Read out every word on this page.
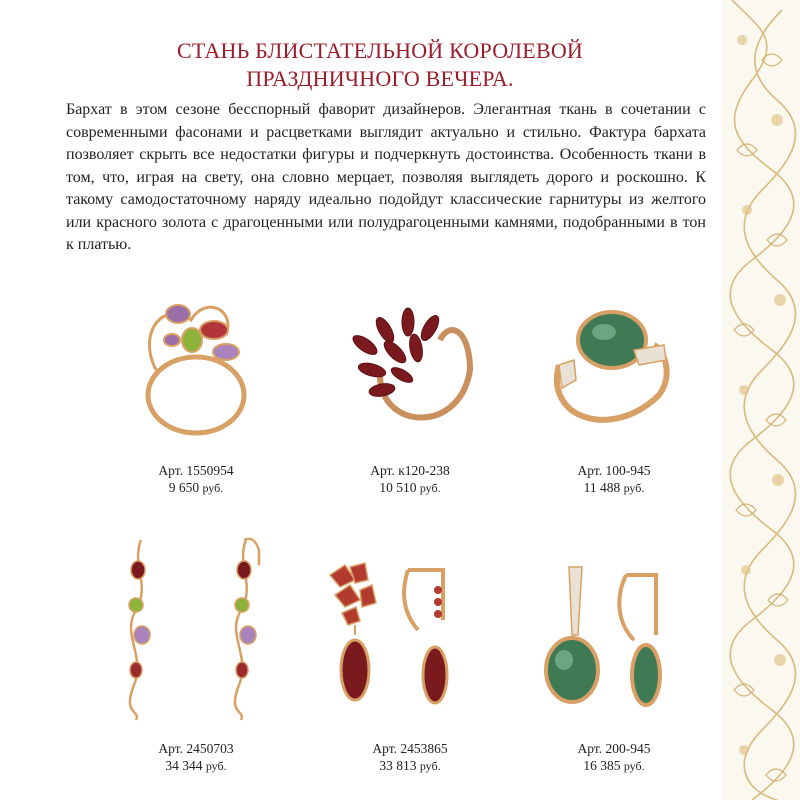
СТАНЬ БЛИСТАТЕЛЬНОЙ КОРОЛЕВОЙ
ПРАЗДНИЧНОГО ВЕЧЕРА.
Бархат в этом сезоне бесспорный фаворит дизайнеров. Элегантная ткань в сочетании с современными фасонами и расцветками выглядит актуально и стильно. Фактура бархата позволяет скрыть все недостатки фигуры и подчеркнуть достоинства. Особенность ткани в том, что, играя на свету, она словно мерцает, позволяя выглядеть дорого и роскошно. К такому самодостаточному наряду идеально подойдут классические гарнитуры из желтого или красного золота с драгоценными или полудрагоценными камнями, подобранными в тон к платью.
Арт. 1550954
9 650 руб.
Арт. к120-238
10 510 руб.
Арт. 100-945
11 488 руб.
Арт. 2450703
34 344 руб.
Арт. 2453865
33 813 руб.
Арт. 200-945
16 385 руб.
